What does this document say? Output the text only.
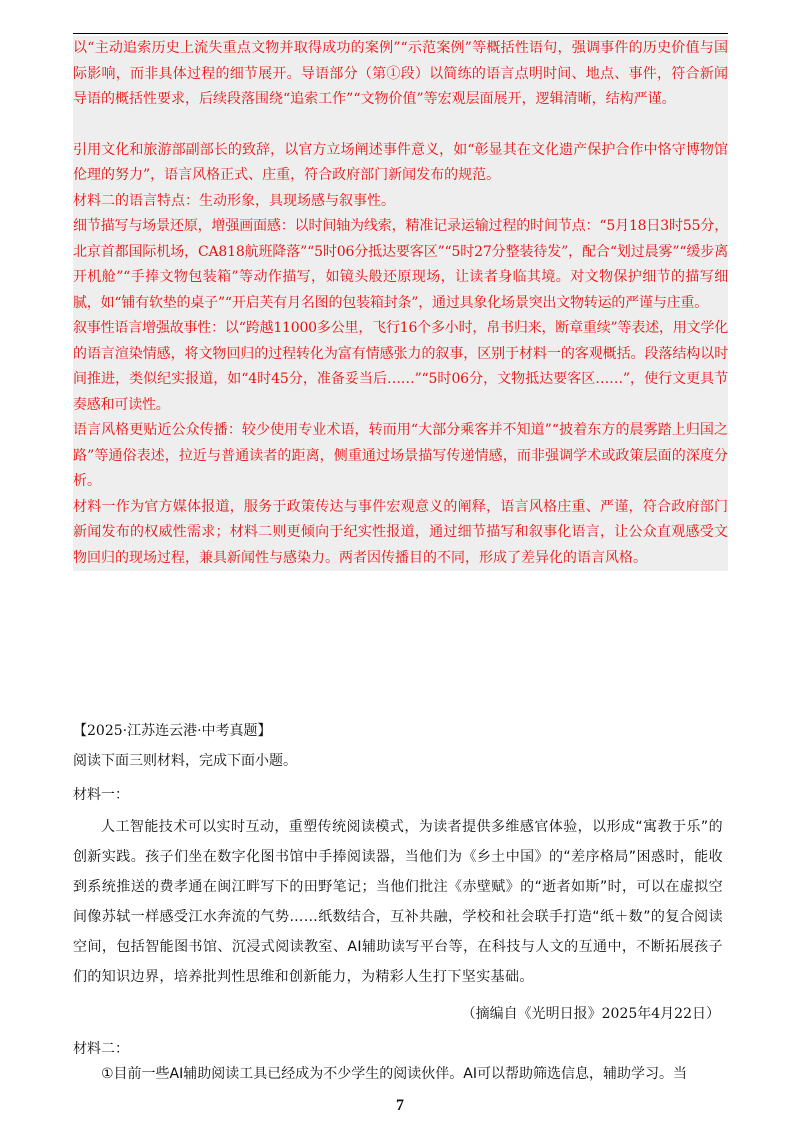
以“主动追索历史上流失重点文物并取得成功的案例”“示范案例”等概括性语句，强调事件的历史价值与国际影响，而非具体过程的细节展开。导语部分（第①段）以简练的语言点明时间、地点、事件，符合新闻导语的概括性要求，后续段落围绕“追索工作”“文物价值”等宏观层面展开，逻辑清晰，结构严谨。

引用文化和旅游部副部长的致辞，以官方立场阐述事件意义，如“彰显其在文化遗产保护合作中恪守博物馆伦理的努力”，语言风格正式、庄重，符合政府部门新闻发布的规范。

材料二的语言特点：生动形象，具现场感与叙事性。

细节描写与场景还原，增强画面感：以时间轴为线索，精准记录运输过程的时间节点：“5月18日3时55分，北京首都国际机场，CA818航班降落”“5时06分抵达要客区”“5时27分整装待发”，配合“划过晨雾”“缓步离开机舱”“手捧文物包装箱”等动作描写，如镜头般还原现场，让读者身临其境。对文物保护细节的描写细腻，如“铺有软垫的桌子”“开启芙有月名图的包装箱封条”，通过具象化场景突出文物转运的严谨与庄重。

叙事性语言增强故事性：以“跨越11000多公里，飞行16个多小时，帛书归来，断章重续”等表述，用文学化的语言渲染情感，将文物回归的过程转化为富有情感张力的叙事，区别于材料一的客观概括。段落结构以时间推进，类似纪实报道，如“4时45分，准备妥当后……”“5时06分，文物抵达要客区……”，使行文更具节奏感和可读性。

语言风格更贴近公众传播：较少使用专业术语，转而用“大部分乘客并不知道”“披着东方的晨雾踏上归国之路”等通俗表述，拉近与普通读者的距离，侧重通过场景描写传递情感，而非强调学术或政策层面的深度分析。

材料一作为官方媒体报道，服务于政策传达与事件宏观意义的阐释，语言风格庄重、严谨，符合政府部门新闻发布的权威性需求；材料二则更倾向于纪实性报道，通过细节描写和叙事化语言，让公众直观感受文物回归的现场过程，兼具新闻性与感染力。两者因传播目的不同，形成了差异化的语言风格。

【2025·江苏连云港·中考真题】
阅读下面三则材料，完成下面小题。
材料一：

人工智能技术可以实时互动，重塑传统阅读模式，为读者提供多维感官体验，以形成“寓教于乐”的创新实践。孩子们坐在数字化图书馆中手捧阅读器，当他们为《乡土中国》的“差序格局”困惑时，能收到系统推送的费孝通在闽江畔写下的田野笔记；当他们批注《赤壁赋》的“逝者如斯”时，可以在虚拟空间像苏轼一样感受江水奔流的气势……纸数结合，互补共融，学校和社会联手打造“纸＋数”的复合阅读空间，包括智能图书馆、沉浸式阅读教室、AI辅助读写平台等，在科技与人文的互通中，不断拓展孩子们的知识边界，培养批判性思维和创新能力，为精彩人生打下坚实基础。

（摘编自《光明日报》2025年4月22日）
材料二：

①目前一些AI辅助阅读工具已经成为不少学生的阅读伙伴。AI可以帮助筛选信息，辅助学习。当

7
